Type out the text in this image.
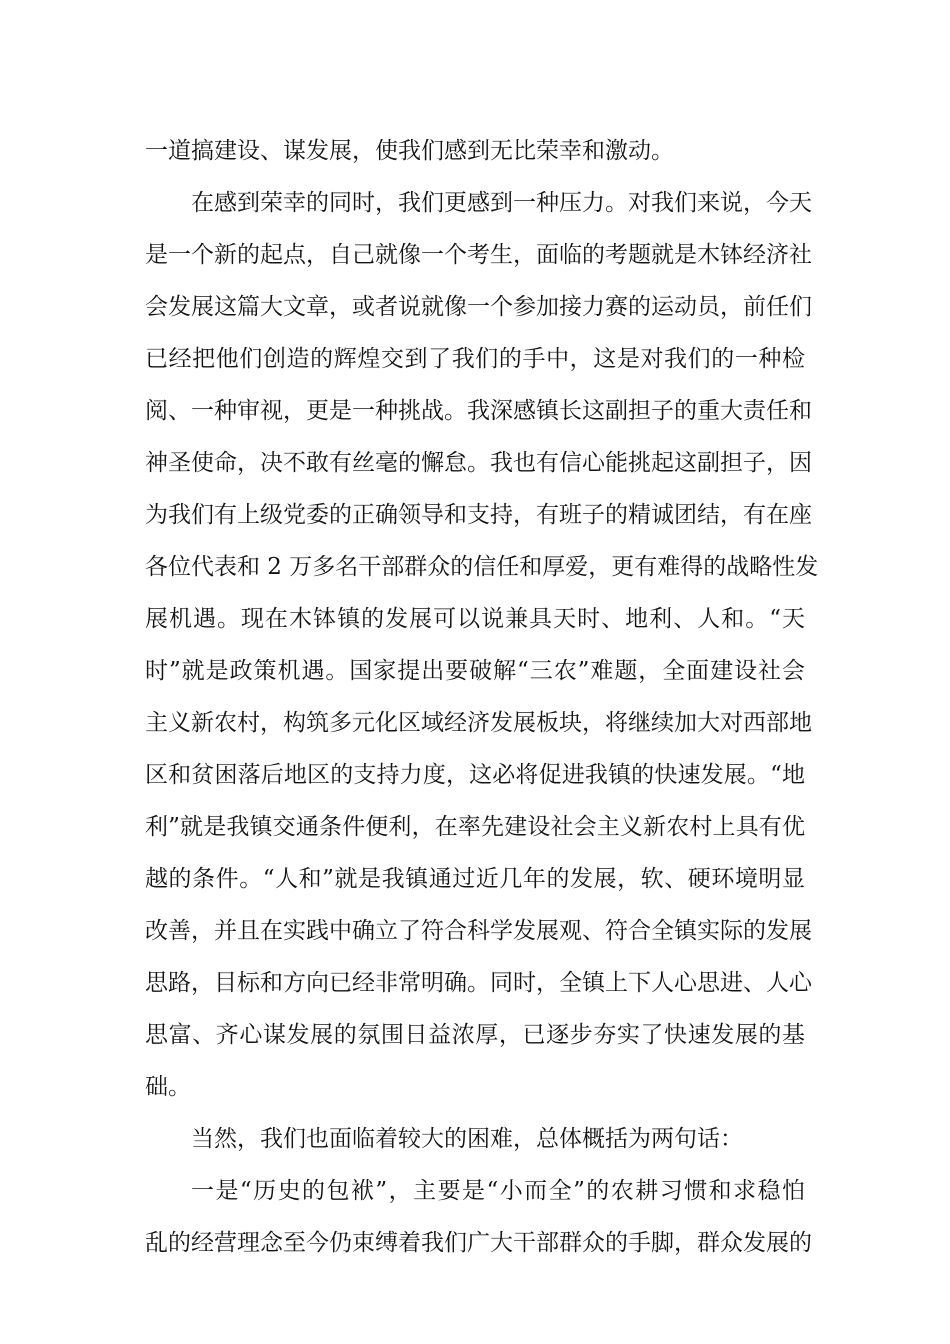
一道搞建设、谋发展，使我们感到无比荣幸和激动。
在感到荣幸的同时，我们更感到一种压力。对我们来说，今天
是一个新的起点，自己就像一个考生，面临的考题就是木钵经济社
会发展这篇大文章，或者说就像一个参加接力赛的运动员，前任们
已经把他们创造的辉煌交到了我们的手中，这是对我们的一种检
阅、一种审视，更是一种挑战。我深感镇长这副担子的重大责任和
神圣使命，决不敢有丝毫的懈怠。我也有信心能挑起这副担子，因
为我们有上级党委的正确领导和支持，有班子的精诚团结，有在座
各位代表和 2 万多名干部群众的信任和厚爱，更有难得的战略性发
展机遇。现在木钵镇的发展可以说兼具天时、地利、人和。“天
时”就是政策机遇。国家提出要破解“三农”难题，全面建设社会
主义新农村，构筑多元化区域经济发展板块，将继续加大对西部地
区和贫困落后地区的支持力度，这必将促进我镇的快速发展。“地
利”就是我镇交通条件便利，在率先建设社会主义新农村上具有优
越的条件。“人和”就是我镇通过近几年的发展，软、硬环境明显
改善，并且在实践中确立了符合科学发展观、符合全镇实际的发展
思路，目标和方向已经非常明确。同时，全镇上下人心思进、人心
思富、齐心谋发展的氛围日益浓厚，已逐步夯实了快速发展的基
础。
当然，我们也面临着较大的困难，总体概括为两句话：
一是“历史的包袱”，主要是“小而全”的农耕习惯和求稳怕
乱的经营理念至今仍束缚着我们广大干部群众的手脚，群众发展的
